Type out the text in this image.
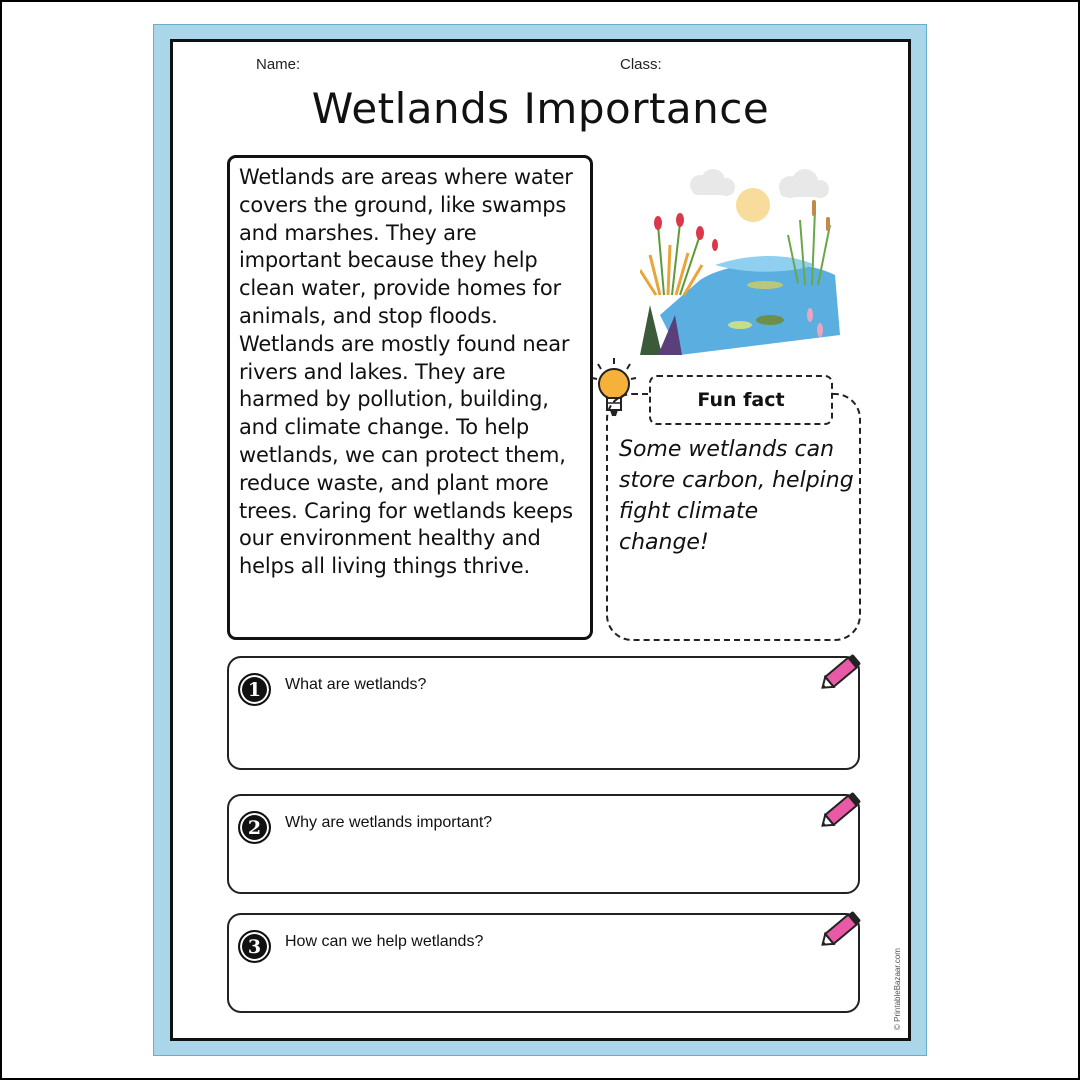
Name:	Class:
Wetlands Importance

Wetlands are areas where water covers the ground, like swamps and marshes. They are important because they help clean water, provide homes for animals, and stop floods. Wetlands are mostly found near rivers and lakes. They are harmed by pollution, building, and climate change. To help wetlands, we can protect them, reduce waste, and plant more trees. Caring for wetlands keeps our environment healthy and helps all living things thrive.

Fun fact
Some wetlands can store carbon, helping fight climate change!
1	What are wetlands?
2	Why are wetlands important?
3	How can we help wetlands?
© PrintableBazaar.com
